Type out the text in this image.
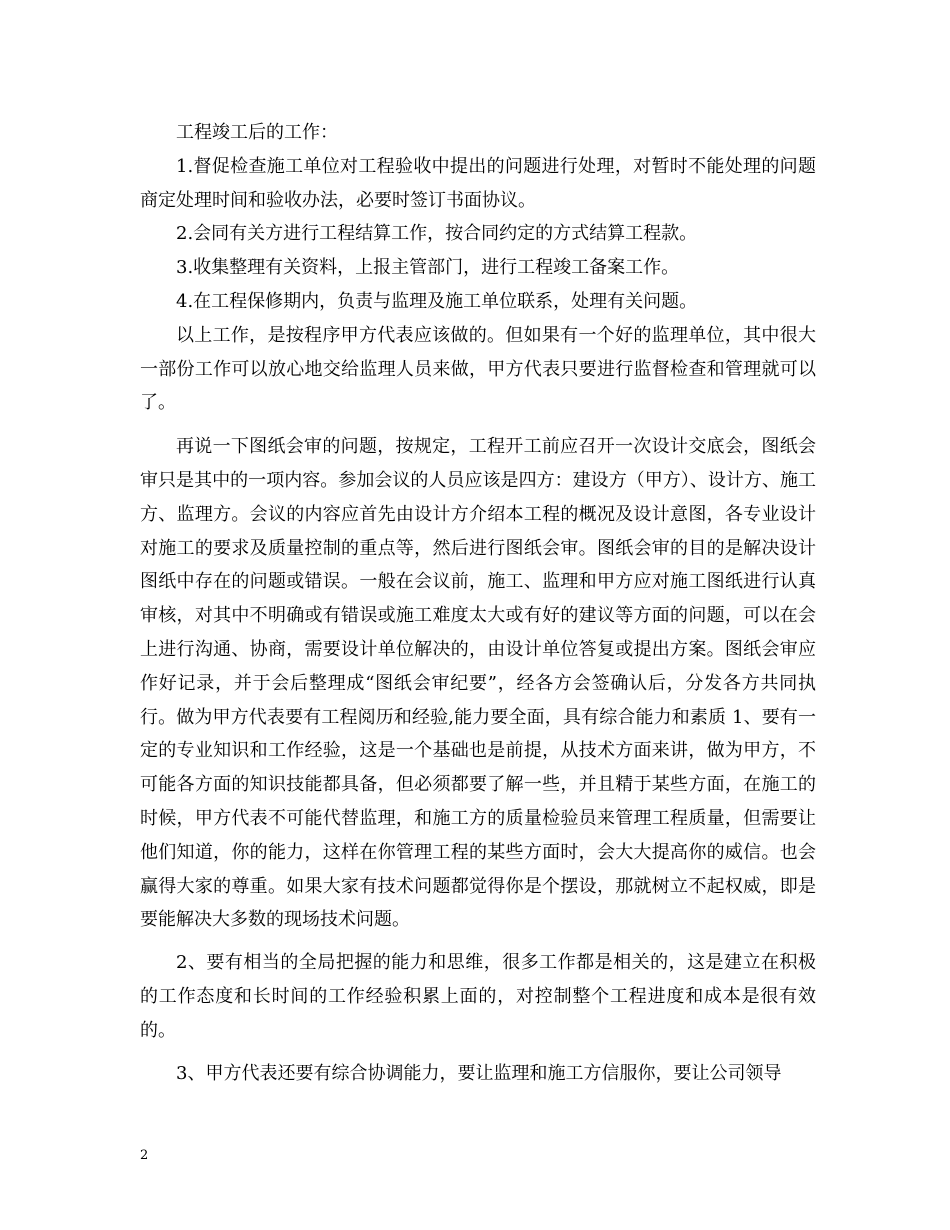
工程竣工后的工作：

1.督促检查施工单位对工程验收中提出的问题进行处理，对暂时不能处理的问题商定处理时间和验收办法，必要时签订书面协议。

2.会同有关方进行工程结算工作，按合同约定的方式结算工程款。

3.收集整理有关资料，上报主管部门，进行工程竣工备案工作。

4.在工程保修期内，负责与监理及施工单位联系，处理有关问题。

以上工作，是按程序甲方代表应该做的。但如果有一个好的监理单位，其中很大一部份工作可以放心地交给监理人员来做，甲方代表只要进行监督检查和管理就可以了。

再说一下图纸会审的问题，按规定，工程开工前应召开一次设计交底会，图纸会审只是其中的一项内容。参加会议的人员应该是四方：建设方（甲方）、设计方、施工方、监理方。会议的内容应首先由设计方介绍本工程的概况及设计意图，各专业设计对施工的要求及质量控制的重点等，然后进行图纸会审。图纸会审的目的是解决设计图纸中存在的问题或错误。一般在会议前，施工、监理和甲方应对施工图纸进行认真审核，对其中不明确或有错误或施工难度太大或有好的建议等方面的问题，可以在会上进行沟通、协商，需要设计单位解决的，由设计单位答复或提出方案。图纸会审应作好记录，并于会后整理成“图纸会审纪要”，经各方会签确认后，分发各方共同执行。做为甲方代表要有工程阅历和经验,能力要全面，具有综合能力和素质 1、要有一定的专业知识和工作经验，这是一个基础也是前提，从技术方面来讲，做为甲方，不可能各方面的知识技能都具备，但必须都要了解一些，并且精于某些方面，在施工的时候，甲方代表不可能代替监理，和施工方的质量检验员来管理工程质量，但需要让他们知道，你的能力，这样在你管理工程的某些方面时，会大大提高你的威信。也会赢得大家的尊重。如果大家有技术问题都觉得你是个摆设，那就树立不起权威，即是要能解决大多数的现场技术问题。

2、要有相当的全局把握的能力和思维，很多工作都是相关的，这是建立在积极的工作态度和长时间的工作经验积累上面的，对控制整个工程进度和成本是很有效的。

3、甲方代表还要有综合协调能力，要让监理和施工方信服你，要让公司领导

2
